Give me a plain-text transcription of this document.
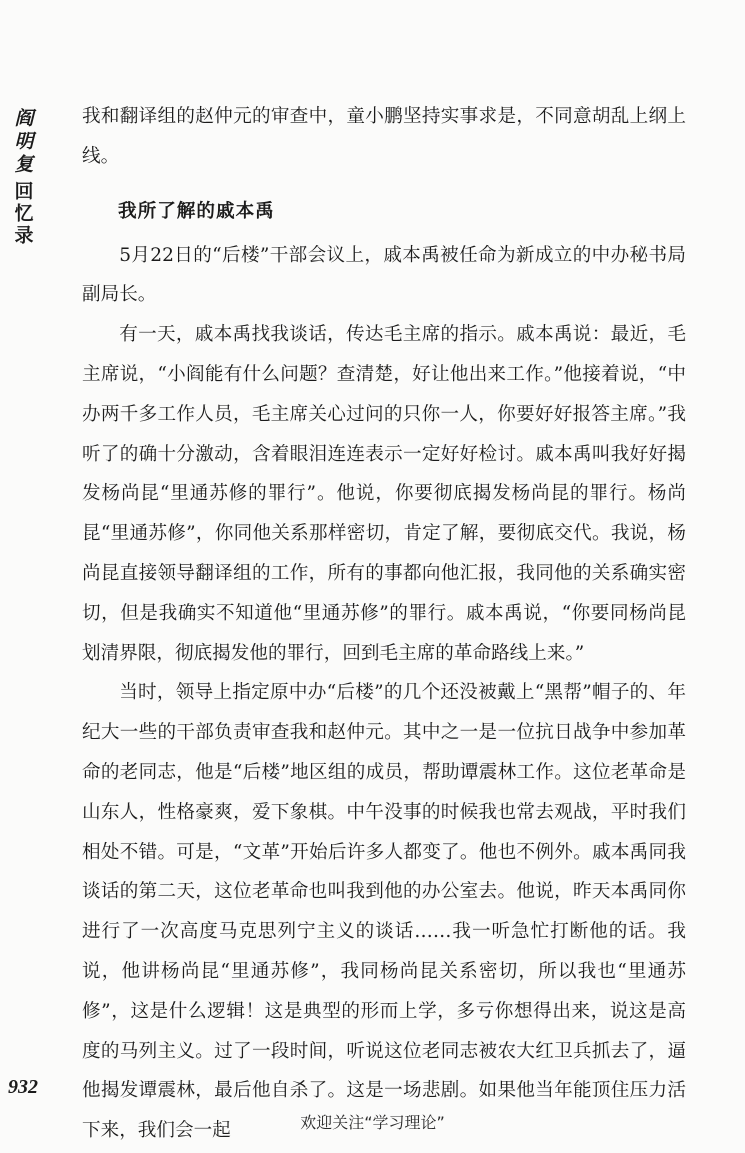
阎明复
回忆录

我和翻译组的赵仲元的审查中，童小鹏坚持实事求是，不同意胡乱上纲上线。

我所了解的戚本禹

5月22日的“后楼”干部会议上，戚本禹被任命为新成立的中办秘书局副局长。

有一天，戚本禹找我谈话，传达毛主席的指示。戚本禹说：最近，毛主席说，“小阎能有什么问题？查清楚，好让他出来工作。”他接着说，“中办两千多工作人员，毛主席关心过问的只你一人，你要好好报答主席。”我听了的确十分激动，含着眼泪连连表示一定好好检讨。戚本禹叫我好好揭发杨尚昆“里通苏修的罪行”。他说，你要彻底揭发杨尚昆的罪行。杨尚昆“里通苏修”，你同他关系那样密切，肯定了解，要彻底交代。我说，杨尚昆直接领导翻译组的工作，所有的事都向他汇报，我同他的关系确实密切，但是我确实不知道他“里通苏修”的罪行。戚本禹说，“你要同杨尚昆划清界限，彻底揭发他的罪行，回到毛主席的革命路线上来。”

当时，领导上指定原中办“后楼”的几个还没被戴上“黑帮”帽子的、年纪大一些的干部负责审查我和赵仲元。其中之一是一位抗日战争中参加革命的老同志，他是“后楼”地区组的成员，帮助谭震林工作。这位老革命是山东人，性格豪爽，爱下象棋。中午没事的时候我也常去观战，平时我们相处不错。可是，“文革”开始后许多人都变了。他也不例外。戚本禹同我谈话的第二天，这位老革命也叫我到他的办公室去。他说，昨天本禹同你进行了一次高度马克思列宁主义的谈话……我一听急忙打断他的话。我说，他讲杨尚昆“里通苏修”，我同杨尚昆关系密切，所以我也“里通苏修”，这是什么逻辑！这是典型的形而上学，多亏你想得出来，说这是高度的马列主义。过了一段时间，听说这位老同志被农大红卫兵抓去了，逼他揭发谭震林，最后他自杀了。这是一场悲剧。如果他当年能顶住压力活下来，我们会一起

932
欢迎关注“学习理论”
